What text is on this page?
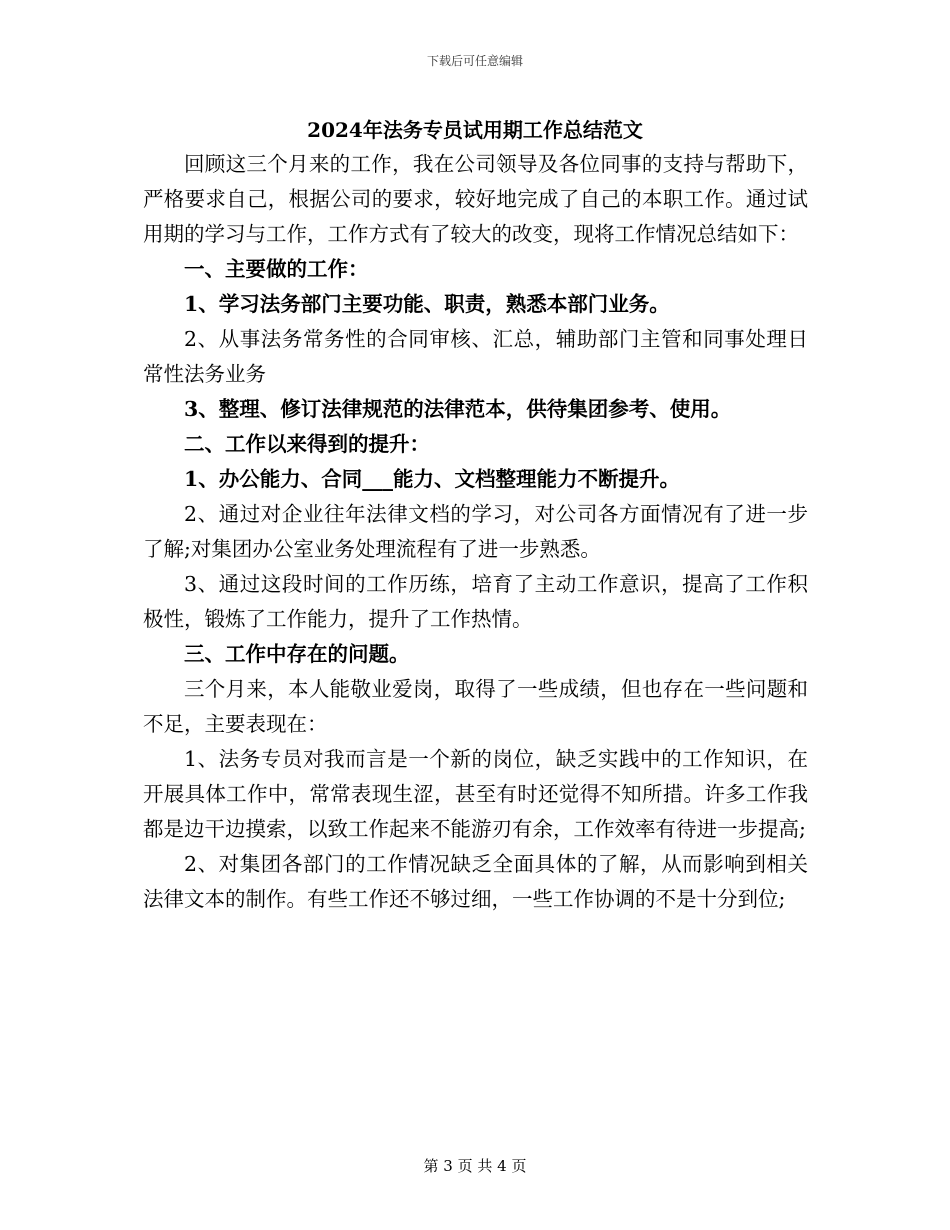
下载后可任意编辑
2024年法务专员试用期工作总结范文

回顾这三个月来的工作，我在公司领导及各位同事的支持与帮助下，严格要求自己，根据公司的要求，较好地完成了自己的本职工作。通过试用期的学习与工作，工作方式有了较大的改变，现将工作情况总结如下：

一、主要做的工作：

1、学习法务部门主要功能、职责，熟悉本部门业务。

2、从事法务常务性的合同审核、汇总，辅助部门主管和同事处理日常性法务业务

3、整理、修订法律规范的法律范本，供待集团参考、使用。

二、工作以来得到的提升：

1、办公能力、合同___能力、文档整理能力不断提升。

2、通过对企业往年法律文档的学习，对公司各方面情况有了进一步了解;对集团办公室业务处理流程有了进一步熟悉。

3、通过这段时间的工作历练，培育了主动工作意识，提高了工作积极性，锻炼了工作能力，提升了工作热情。

三、工作中存在的问题。

三个月来，本人能敬业爱岗，取得了一些成绩，但也存在一些问题和不足，主要表现在：

1、法务专员对我而言是一个新的岗位，缺乏实践中的工作知识，在开展具体工作中，常常表现生涩，甚至有时还觉得不知所措。许多工作我都是边干边摸索，以致工作起来不能游刃有余，工作效率有待进一步提高;

2、对集团各部门的工作情况缺乏全面具体的了解，从而影响到相关法律文本的制作。有些工作还不够过细，一些工作协调的不是十分到位;

第 3 页 共 4 页
